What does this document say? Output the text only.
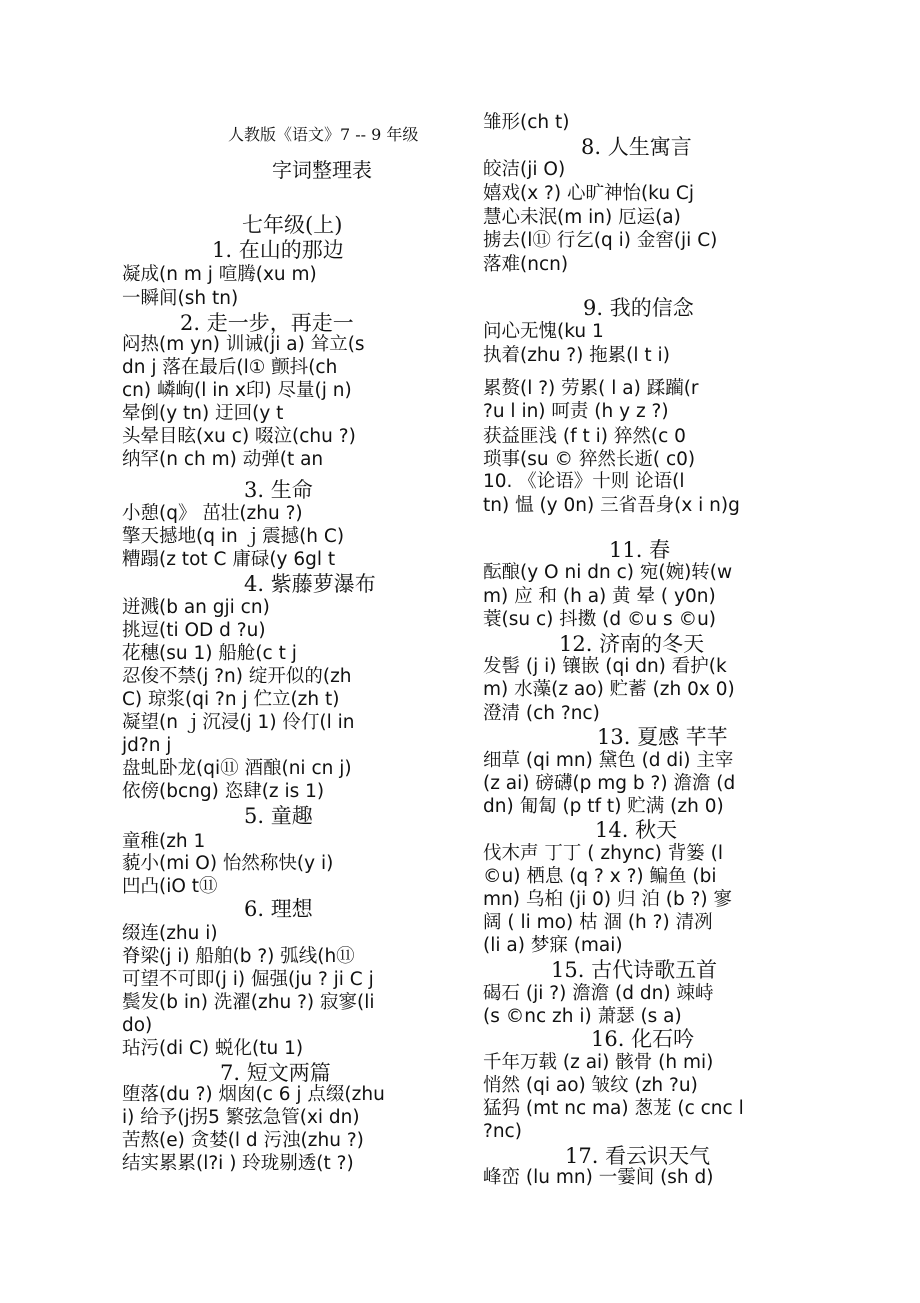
人教版《语文》7 -- 9 年级
字词整理表
七年级(上)
1. 在山的那边
凝成(n m j 喧腾(xu m)
一瞬间(sh tn)
2. 走一步，再走一
闷热(m yn) 训诫(ji a) 耸立(s
dn j 落在最后(l① 颤抖(ch
cn) 嶙峋(l in x印) 尽量(j n)
晕倒(y tn) 迂回(y t
头晕目眩(xu c) 啜泣(chu ?)
纳罕(n ch m) 动弹(t an
3. 生命
小憩(q》 茁壮(zhu ?)
擎天撼地(q in ｊ震撼(h C)
糟蹋(z tot C 庸碌(y 6gl t
4. 紫藤萝瀑布
迸溅(b an gji cn)
挑逗(ti OD d ?u)
花穗(su 1) 船舱(c t j
忍俊不禁(j ?n) 绽开似的(zh
C) 琼浆(qi ?n j 伫立(zh t)
凝望(n ｊ沉浸(j 1) 伶仃(l in
jd?n j
盘虬卧龙(qi⑪ 酒酿(ni cn j)
依傍(bcng) 恣肆(z is 1)
5. 童趣
童稚(zh 1
藐小(mi O) 怡然称快(y i)
凹凸(iO t⑪
6. 理想
缀连(zhu i)
脊梁(j i) 船舶(b ?) 弧线(h⑪
可望不可即(j i) 倔强(ju ? ji C j
鬓发(b in) 洗濯(zhu ?) 寂寥(li
do)
玷污(di C) 蜕化(tu 1)
7. 短文两篇
堕落(du ?) 烟囱(c 6 j 点缀(zhu
i) 给予(j拐5 繁弦急管(xi dn)
苦熬(e) 贪婪(l d 污浊(zhu ?)
结实累累(l?i ) 玲珑剔透(t ?)
雏形(ch t)
8. 人生寓言
皎洁(ji O)
嬉戏(x ?) 心旷神怡(ku Cj
慧心未泯(m in) 厄运(a)
掳去(l⑪ 行乞(q i) 金窖(ji C)
落难(ncn)
9. 我的信念
问心无愧(ku 1
执着(zhu ?) 拖累(l t i)
累赘(l ?) 劳累( l a) 蹂躏(r
?u l in) 呵责 (h y z ?)
获益匪浅 (f t i) 猝然(c 0
琐事(su © 猝然长逝( c0)
10. 《论语》十则 论语(l
tn) 愠 (y 0n) 三省吾身(x i n)g
11. 春
酝酿(y O ni dn c) 宛(婉)转(w
m) 应 和 (h a) 黄 晕 ( y0n)
蓑(su c) 抖擞 (d ©u s ©u)
12. 济南的冬天
发髻 (j i) 镶嵌 (qi dn) 看护(k
m) 水藻(z ao) 贮蓄 (zh 0x 0)
澄清 (ch ?nc)
13. 夏感 芊芊
细草 (qi mn) 黛色 (d di) 主宰
(z ai) 磅礴(p mg b ?) 澹澹 (d
dn) 匍匐 (p tf t) 贮满 (zh 0)
14. 秋天
伐木声 丁丁 ( zhync) 背篓 (l
©u) 栖息 (q ? x ?) 鳊鱼 (bi
mn) 乌桕 (ji 0) 归 泊 (b ?) 寥
阔 ( li mo) 枯 涸 (h ?) 清冽
(li a) 梦寐 (mai)
15. 古代诗歌五首
碣石 (ji ?) 澹澹 (d dn) 竦峙
(s ©nc zh i) 萧瑟 (s a)
16. 化石吟
千年万载 (z ai) 骸骨 (h mi)
悄然 (qi ao) 皱纹 (zh ?u)
猛犸 (mt nc ma) 葱茏 (c cnc l
?nc)
17. 看云识天气
峰峦 (lu mn) 一霎间 (sh d)
